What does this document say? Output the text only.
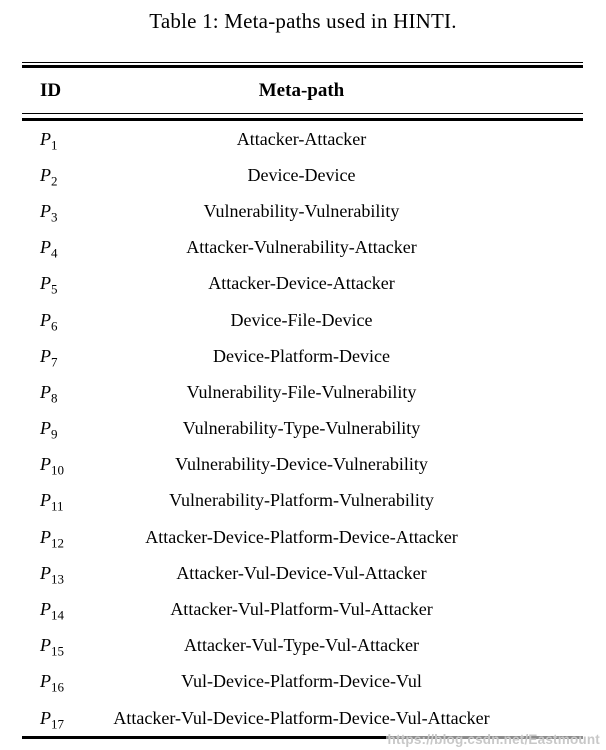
Table 1: Meta-paths used in HINTI.
ID	Meta-path
$P_1$	Attacker-Attacker
$P_2$	Device-Device
$P_3$	Vulnerability-Vulnerability
$P_4$	Attacker-Vulnerability-Attacker
$P_5$	Attacker-Device-Attacker
$P_6$	Device-File-Device
$P_7$	Device-Platform-Device
$P_8$	Vulnerability-File-Vulnerability
$P_9$	Vulnerability-Type-Vulnerability
$P_{10}$	Vulnerability-Device-Vulnerability
$P_{11}$	Vulnerability-Platform-Vulnerability
$P_{12}$	Attacker-Device-Platform-Device-Attacker
$P_{13}$	Attacker-Vul-Device-Vul-Attacker
$P_{14}$	Attacker-Vul-Platform-Vul-Attacker
$P_{15}$	Attacker-Vul-Type-Vul-Attacker
$P_{16}$	Vul-Device-Platform-Device-Vul
$P_{17}$	Attacker-Vul-Device-Platform-Device-Vul-Attacker
https://blog.csdn.net/Eastmount
